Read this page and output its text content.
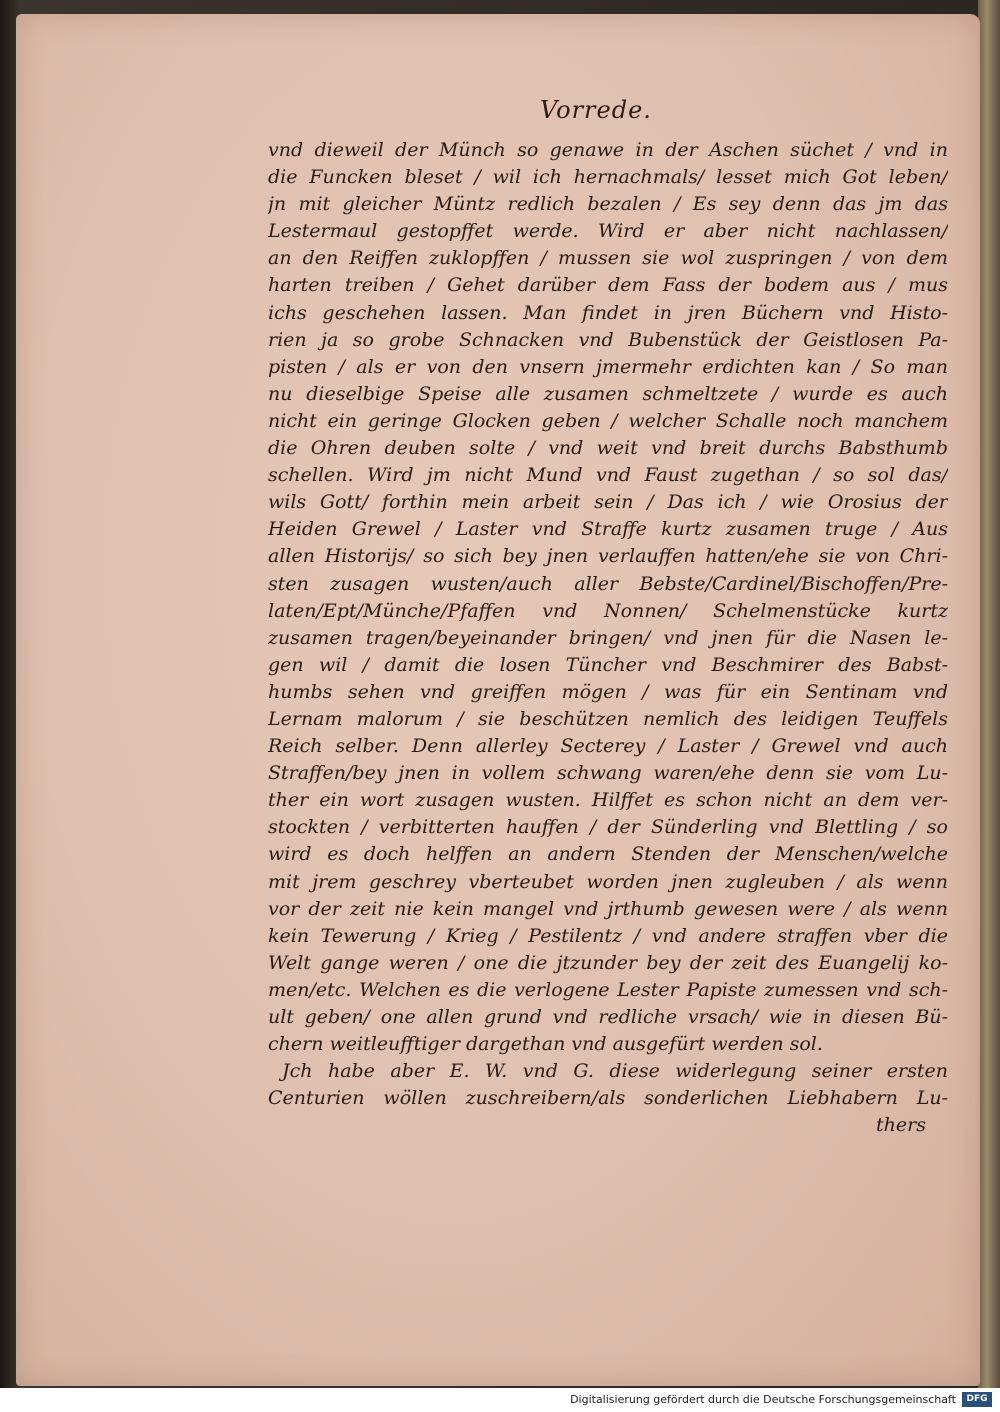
Vorrede.
vnd dieweil der Münch so genawe in der Aschen süchet / vnd in
die Funcken bleset / wil ich hernachmals/ lesset mich Got leben/
jn mit gleicher Müntz redlich bezalen / Es sey denn das jm das
Lestermaul gestopffet werde. Wird er aber nicht nachlassen/
an den Reiffen zuklopffen / mussen sie wol zuspringen / von dem
harten treiben / Gehet darüber dem Fass der bodem aus / mus
ichs geschehen lassen. Man findet in jren Büchern vnd Histo-
rien ja so grobe Schnacken vnd Bubenstück der Geistlosen Pa-
pisten / als er von den vnsern jmermehr erdichten kan / So man
nu dieselbige Speise alle zusamen schmeltzete / wurde es auch
nicht ein geringe Glocken geben / welcher Schalle noch manchem
die Ohren deuben solte / vnd weit vnd breit durchs Babsthumb
schellen. Wird jm nicht Mund vnd Faust zugethan / so sol das/
wils Gott/ forthin mein arbeit sein / Das ich / wie Orosius der
Heiden Grewel / Laster vnd Straffe kurtz zusamen truge / Aus
allen Historijs/ so sich bey jnen verlauffen hatten/ehe sie von Chri-
sten zusagen wusten/auch aller Bebste/Cardinel/Bischoffen/Pre-
laten/Ept/Münche/Pfaffen vnd Nonnen/ Schelmenstücke kurtz
zusamen tragen/beyeinander bringen/ vnd jnen für die Nasen le-
gen wil / damit die losen Tüncher vnd Beschmirer des Babst-
humbs sehen vnd greiffen mögen / was für ein Sentinam vnd
Lernam malorum / sie beschützen nemlich des leidigen Teuffels
Reich selber. Denn allerley Secterey / Laster / Grewel vnd auch
Straffen/bey jnen in vollem schwang waren/ehe denn sie vom Lu-
ther ein wort zusagen wusten. Hilffet es schon nicht an dem ver-
stockten / verbitterten hauffen / der Sünderling vnd Blettling / so
wird es doch helffen an andern Stenden der Menschen/welche
mit jrem geschrey vberteubet worden jnen zugleuben / als wenn
vor der zeit nie kein mangel vnd jrthumb gewesen were / als wenn
kein Tewerung / Krieg / Pestilentz / vnd andere straffen vber die
Welt gange weren / one die jtzunder bey der zeit des Euangelij ko-
men/etc. Welchen es die verlogene Lester Papiste zumessen vnd sch-
ult geben/ one allen grund vnd redliche vrsach/ wie in diesen Bü-
chern weitleufftiger dargethan vnd ausgefürt werden sol.
Jch habe aber E. W. vnd G. diese widerlegung seiner ersten
Centurien wöllen zuschreibern/als sonderlichen Liebhabern Lu-
thers
Digitalisierung gefördert durch die Deutsche Forschungsgemeinschaft	DFG
